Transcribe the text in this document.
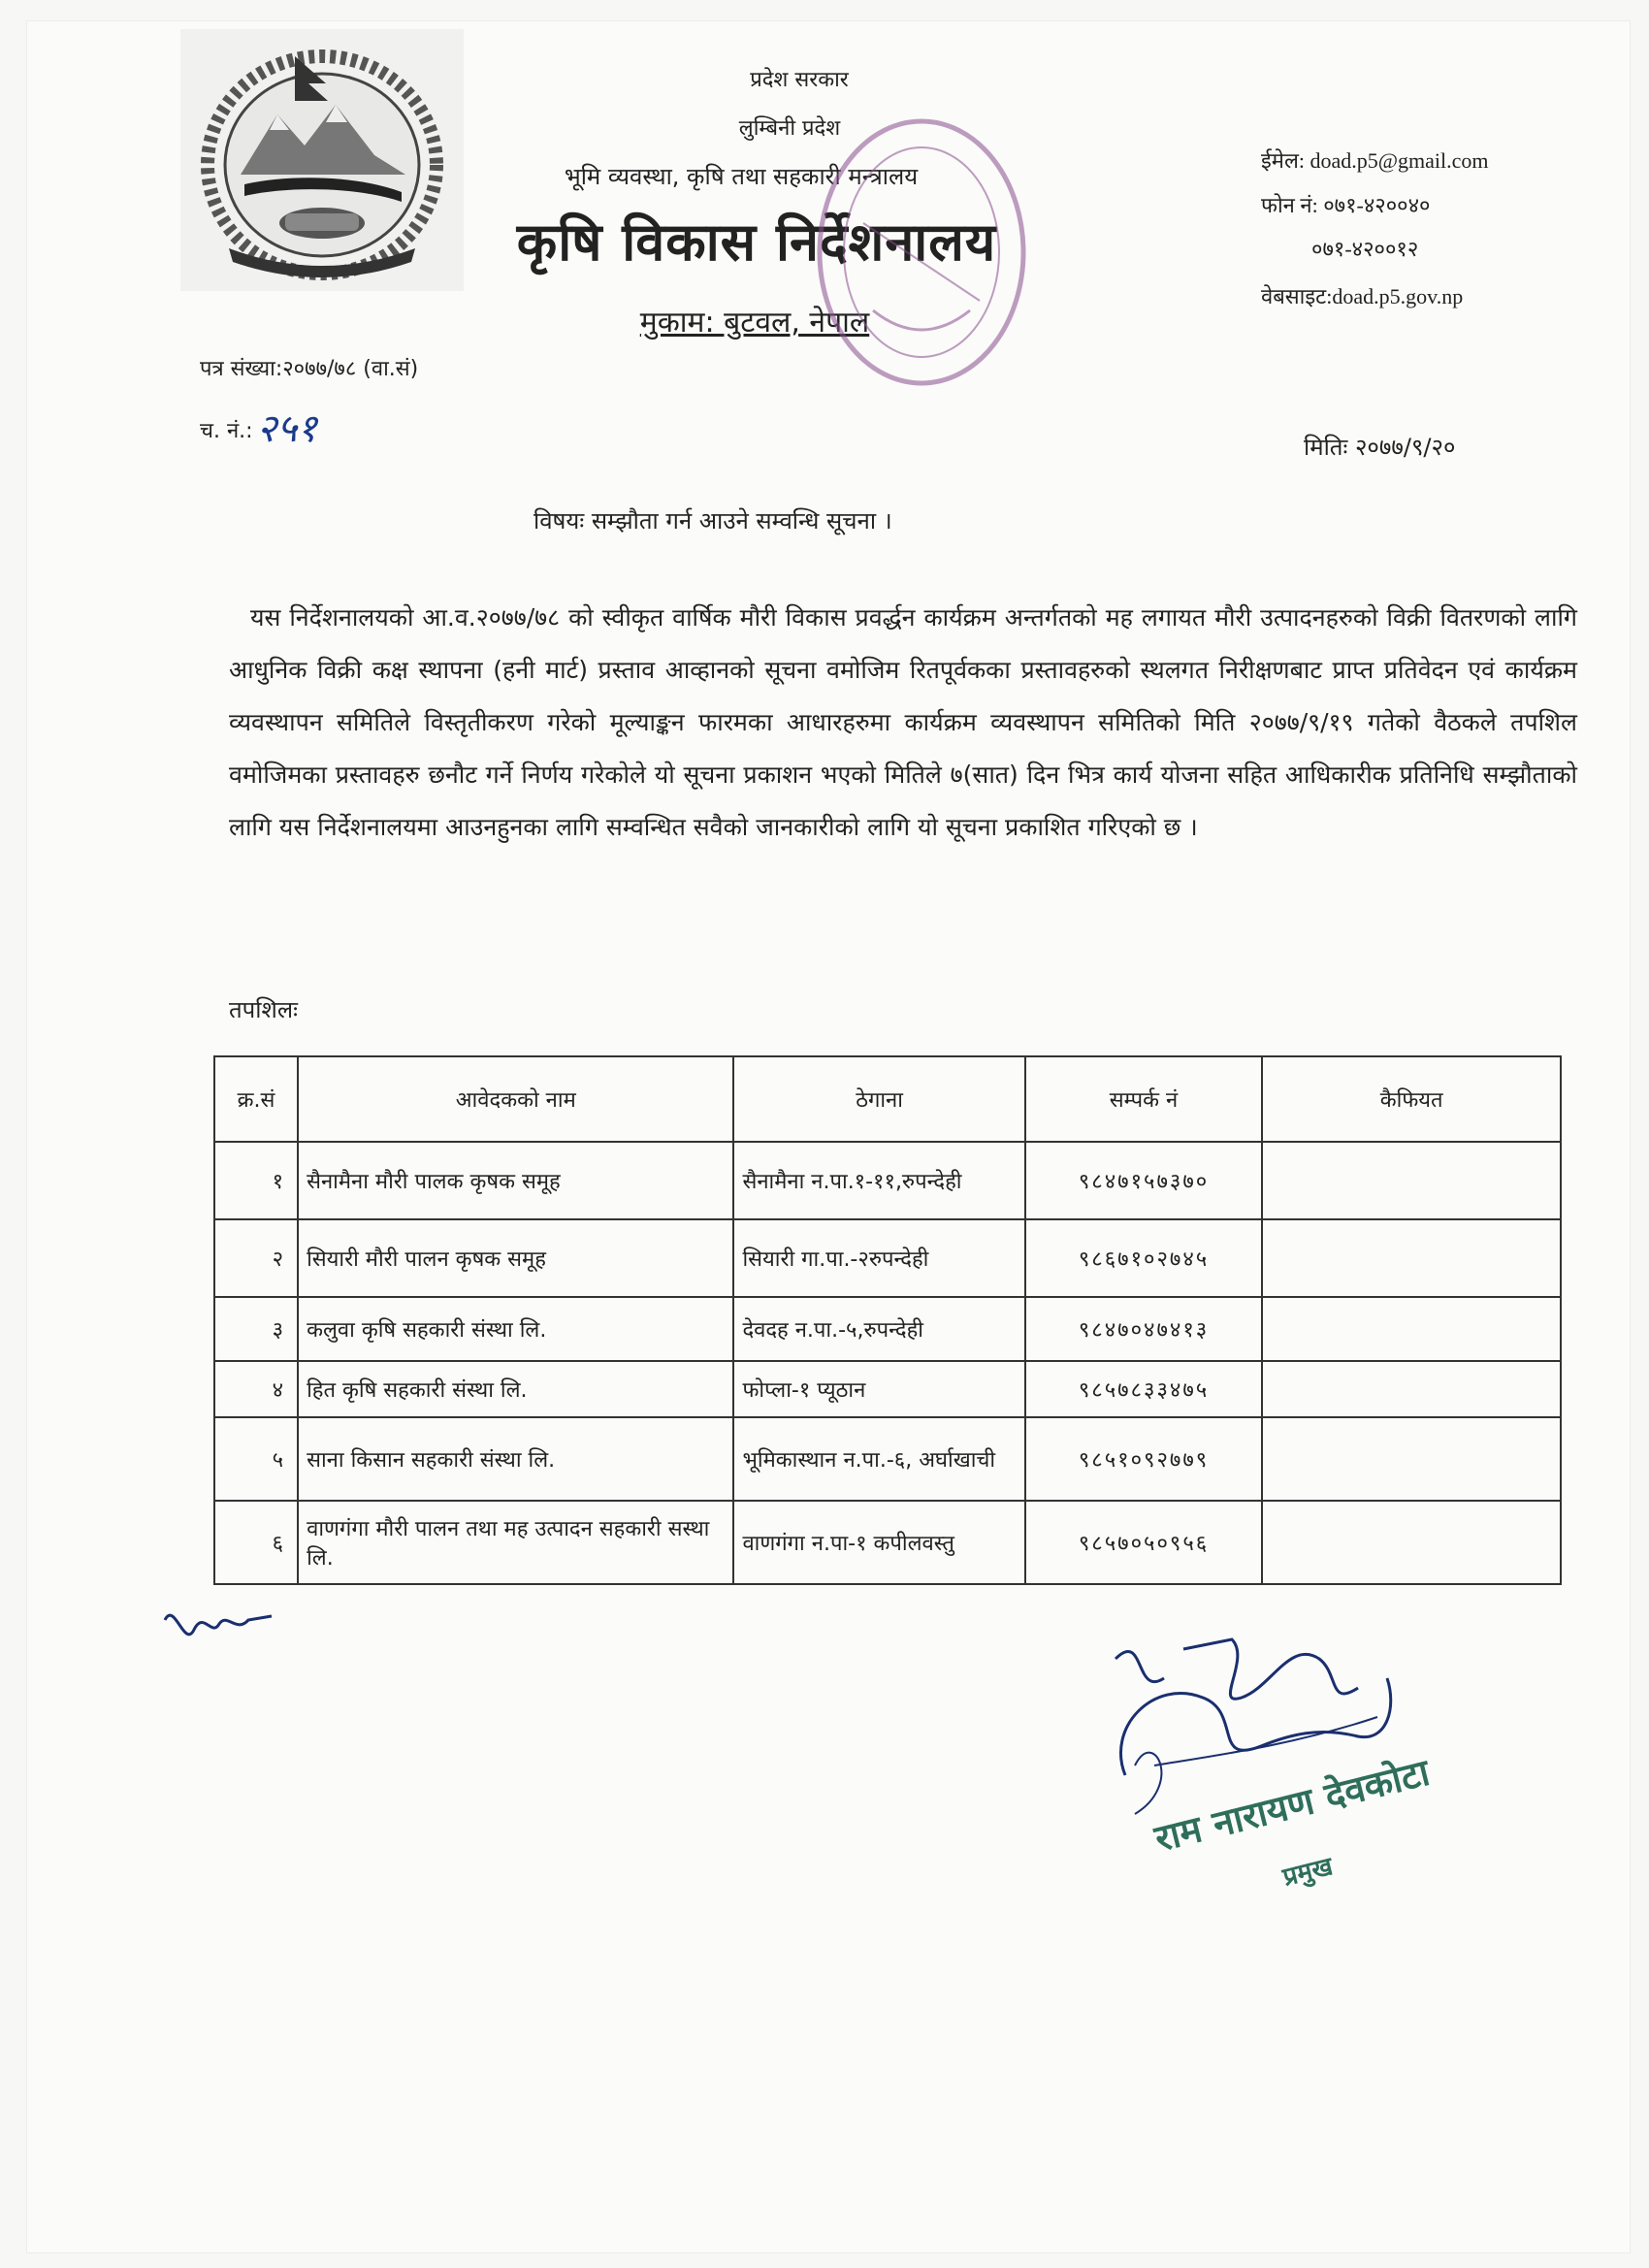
प्रदेश सरकार
लुम्बिनी प्रदेश
भूमि व्यवस्था, कृषि तथा सहकारी मन्त्रालय
कृषि विकास निर्देशनालय
मुकाम: बुटवल, नेपाल
ईमेल: doad.p5@gmail.com
फोन नं: ०७१-४२००४०
०७१-४२००१२
वेबसाइट:doad.p5.gov.np
पत्र संख्या:२०७७/७८ (वा.सं)
च. नं.: २५१	मितिः २०७७/९/२०
विषयः सम्झौता गर्न आउने सम्वन्धि सूचना ।
यस निर्देशनालयको आ.व.२०७७/७८ को स्वीकृत वार्षिक मौरी विकास प्रवर्द्धन कार्यक्रम अन्तर्गतको मह लगायत मौरी उत्पादनहरुको विक्री वितरणको लागि आधुनिक विक्री कक्ष स्थापना (हनी मार्ट) प्रस्ताव आव्हानको सूचना वमोजिम रितपूर्वकका प्रस्तावहरुको स्थलगत निरीक्षणबाट प्राप्त प्रतिवेदन एवं कार्यक्रम व्यवस्थापन समितिले विस्तृतीकरण गरेको मूल्याङ्कन फारमका आधारहरुमा कार्यक्रम व्यवस्थापन समितिको मिति २०७७/९/१९ गतेको वैठकले तपशिल वमोजिमका प्रस्तावहरु छनौट गर्ने निर्णय गरेकोले यो सूचना प्रकाशन भएको मितिले ७(सात) दिन भित्र कार्य योजना सहित आधिकारीक प्रतिनिधि सम्झौताको लागि यस निर्देशनालयमा आउनहुनका लागि सम्वन्धित सवैको जानकारीको लागि यो सूचना प्रकाशित गरिएको छ ।
तपशिलः
क्र.सं	आवेदकको नाम	ठेगाना	सम्पर्क नं	कैफियत
१	सैनामैना मौरी पालक कृषक समूह	सैनामैना न.पा.१-११,रुपन्देही	९८४७१५७३७०	
२	सियारी मौरी पालन कृषक समूह	सियारी गा.पा.-२रुपन्देही	९८६७१०२७४५	
३	कलुवा कृषि सहकारी संस्था लि.	देवदह न.पा.-५,रुपन्देही	९८४७०४७४१३	
४	हित कृषि सहकारी संस्था लि.	फोप्ला-१ प्यूठान	९८५७८३३४७५	
५	साना किसान सहकारी संस्था लि.	भूमिकास्थान न.पा.-६, अर्घाखाची	९८५१०९२७७९	
६	वाणगंगा मौरी पालन तथा मह उत्पादन सहकारी सस्था लि.	वाणगंगा न.पा-१ कपीलवस्तु	९८५७०५०९५६	
राम नारायण देवकोटा
प्रमुख
